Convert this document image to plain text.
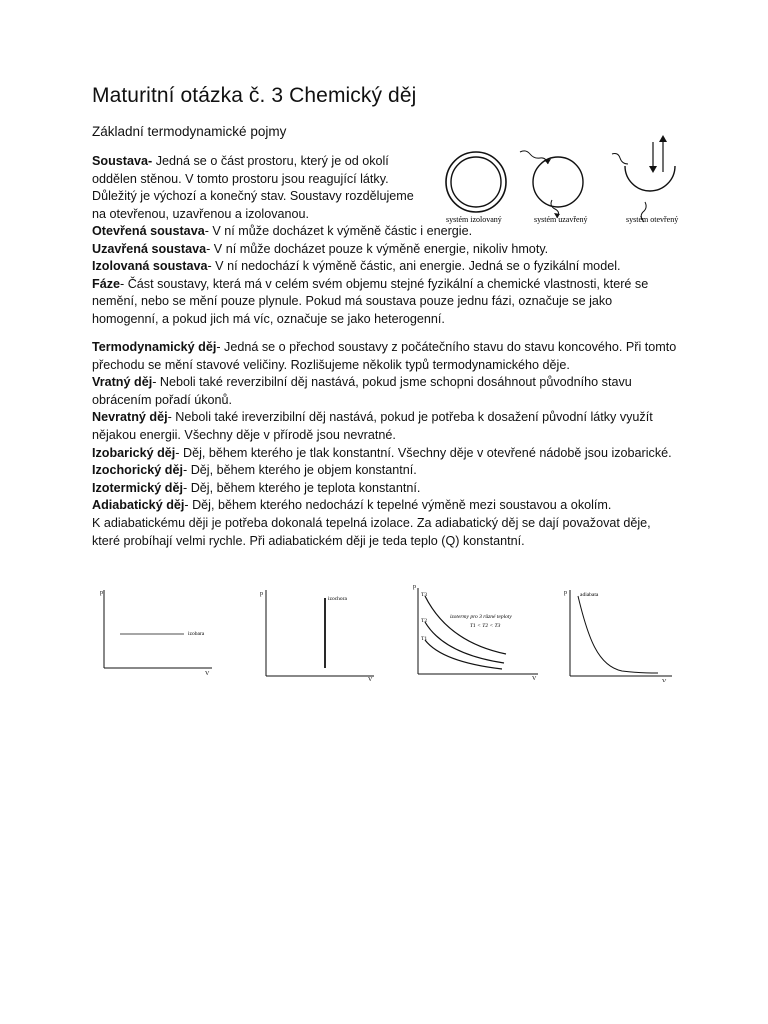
Maturitní otázka č. 3 Chemický děj
Základní termodynamické pojmy
Soustava- Jedná se o část prostoru, který je od okolí oddělen stěnou. V tomto prostoru jsou reagující látky. Důležitý je výchozí a konečný stav. Soustavy rozdělujeme na otevřenou, uzavřenou a izolovanou.	systém izolovaný	systém uzavřený	systém otevřený
Otevřená soustava- V ní může docházet k výměně částic i energie.
Uzavřená soustava- V ní může docházet pouze k výměně energie, nikoliv hmoty.
Izolovaná soustava- V ní nedochází k výměně částic, ani energie. Jedná se o fyzikální model.
Fáze- Část soustavy, která má v celém svém objemu stejné fyzikální a chemické vlastnosti, které se nemění, nebo se mění pouze plynule. Pokud má soustava pouze jednu fázi, označuje se jako homogenní, a pokud jich má víc, označuje se jako heterogenní.
Termodynamický děj- Jedná se o přechod soustavy z počátečního stavu do stavu koncového. Při tomto přechodu se mění stavové veličiny. Rozlišujeme několik typů termodynamického děje.
Vratný děj- Neboli také reverzibilní děj nastává, pokud jsme schopni dosáhnout původního stavu obrácením pořadí úkonů.
Nevratný děj- Neboli také ireverzibilní děj nastává, pokud je potřeba k dosažení původní látky využít nějakou energii. Všechny děje v přírodě jsou nevratné.
Izobarický děj- Děj, během kterého je tlak konstantní. Všechny děje v otevřené nádobě jsou izobarické.
Izochorický děj- Děj, během kterého je objem konstantní.
Izotermický děj- Děj, během kterého je teplota konstantní.
Adiabatický děj- Děj, během kterého nedochází k tepelné výměně mezi soustavou a okolím.
K adiabatickému ději je potřeba dokonalá tepelná izolace. Za adiabatický děj se dají považovat děje, které probíhají velmi rychle. Při adiabatickém ději je teda teplo (Q) konstantní.
p
V
izobara
p
V
izochora
p
V
T3
T2
T1
izotermy pro 3 různé teploty
T1 < T2 < T3
p
V
adiabata
